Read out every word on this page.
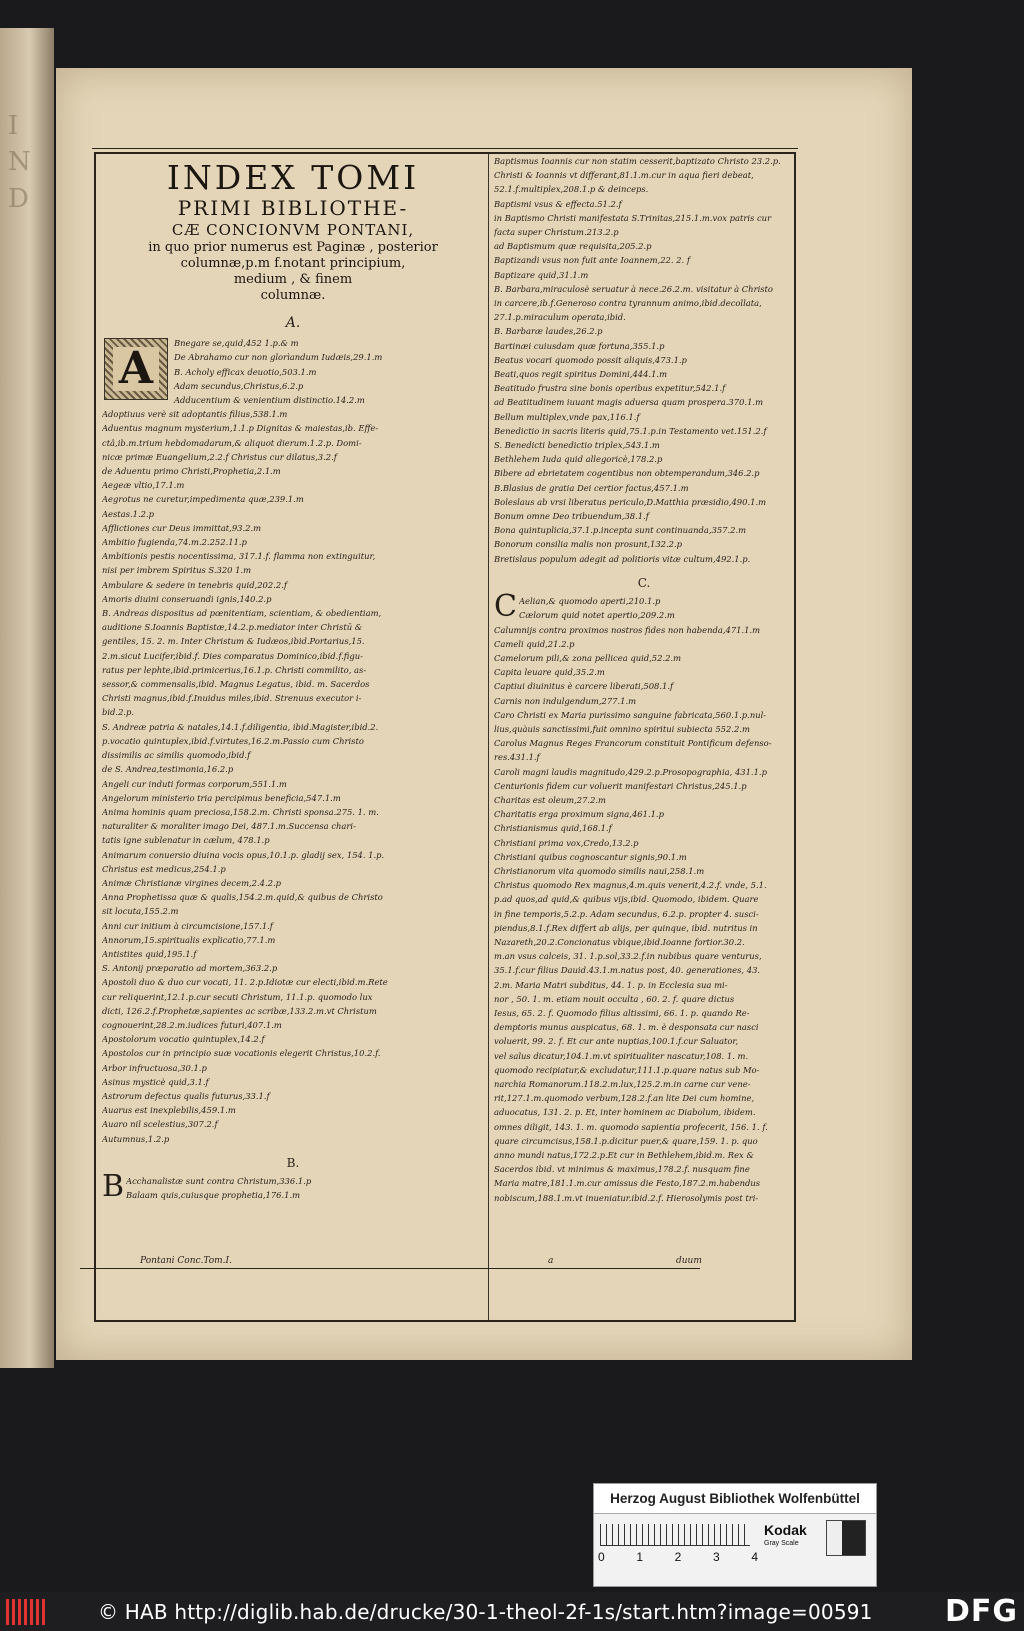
I
N
D
INDEX TOMI
PRIMI BIBLIOTHE-
CÆ CONCIONVM PONTANI,
in quo prior numerus est Paginæ , posterior
columnæ,p.m f.notant principium,
medium , & finem
columnæ.
A.
A	Bnegare se,quid,452 1.p.& m
De Abrahamo cur non glorìandum Iudæis,29.1.m
B. Acholy efficax deuotio,503.1.m
Adam secundus,Christus,6.2.p
Adducentium & venientium distinctio.14.2.m
Adoptiuus verè sit adoptantis filius,538.1.m
Aduentus magnum mysterium,1.1.p Dignitas & maiestas,ib. Effe-
ctâ,ib.m.trium hebdomadarum,& aliquot dierum.1.2.p. Domi-
nicæ primæ Euangelium,2.2.f Christus cur dilatus,3.2.f
de Aduentu primo Christi,Prophetia,2.1.m
Aegeæ vltio,17.1.m
Aegrotus ne curetur,impedimenta quæ,239.1.m
Aestas.1.2.p
Afflictiones cur Deus immittat,93.2.m
Ambitio fugienda,74.m.2.252.11.p
Ambitionis pestis nocentissima, 317.1.f. flamma non extinguitur,
nisi per imbrem Spiritus S.320 1.m
Ambulare & sedere in tenebris quid,202.2.f
Amoris diuini conseruandi ignis,140.2.p
B. Andreas dispositus ad pœnitentiam, scientiam, & obedientiam,
auditione S.Ioannis Baptistæ,14.2.p.mediator inter Christū &
gentiles, 15. 2. m. Inter Christum & Iudæos,ibid.Portarius,15.
2.m.sicut Lucifer,ibid.f. Dies comparatus Dominico,ibid.f.figu-
ratus per lephte,ibid.primicerius,16.1.p. Christi commilito, as-
sessor,& commensalis,ibid. Magnus Legatus, ibid. m. Sacerdos
Christi magnus,ibid.f.Inuidus miles,ibid. Strenuus executor i-
bid.2.p.
S. Andreæ patria & natales,14.1.f.diligentia, ibid.Magister,ibid.2.
p.vocatio quintuplex,ibid.f.virtutes,16.2.m.Passio cum Christo
dissimilis ac similis quomodo,ibid.f
de S. Andrea,testimonia,16.2.p
Angeli cur induti formas corporum,551.1.m
Angelorum ministerio tria percipimus beneficia,547.1.m
Anima hominis quam preciosa,158.2.m. Christi sponsa.275. 1. m.
naturaliter & moraliter imago Dei, 487.1.m.Succensa chari-
tatis igne sublenatur in cælum, 478.1.p
Animarum conuersio diuina vocis opus,10.1.p. gladij sex, 154. 1.p.
Christus est medicus,254.1.p
Animæ Christianæ virgines decem,2.4.2.p
Anna Prophetissa quæ & qualis,154.2.m.quid,& quibus de Christo
sit locuta,155.2.m
Anni cur initium à circumcisione,157.1.f
Annorum,15.spiritualis explicatio,77.1.m
Antistites quid,195.1.f
S. Antonij præparatio ad mortem,363.2.p
Apostoli duo & duo cur vocati, 11. 2.p.Idiotæ cur electi,ibid.m.Rete
cur reliquerint,12.1.p.cur secuti Christum, 11.1.p. quomodo lux
dicti, 126.2.f.Prophetæ,sapientes ac scribæ,133.2.m.vt Christum
cognouerint,28.2.m.iudices futuri,407.1.m
Apostolorum vocatio quintuplex,14.2.f
Apostolos cur in principio suæ vocationis elegerit Christus,10.2.f.
Arbor infructuosa,30.1.p
Asinus mysticè quid,3.1.f
Astrorum defectus qualis futurus,33.1.f
Auarus est inexplebilis,459.1.m
Auaro nil scelestius,307.2.f
Autumnus,1.2.p
B.
B Acchanalistæ sunt contra Christum,336.1.p
Balaam quis,cuiusque prophetia,176.1.m
Baptismus Ioannis cur non statim cesserit,baptizato Christo 23.2.p.
Christi & Ioannis vt differant,81.1.m.cur in aqua fieri debeat,
52.1.f.multiplex,208.1.p & deinceps.
Baptismi vsus & effecta.51.2.f
in Baptismo Christi manifestata S.Trinitas,215.1.m.vox patris cur
facta super Christum.213.2.p
ad Baptismum quæ requisita,205.2.p
Baptizandi vsus non fuit ante Ioannem,22. 2. f
Baptizare quid,31.1.m
B. Barbara,miraculosè seruatur à nece.26.2.m. visitatur à Christo
in carcere,ib.f.Generoso contra tyrannum animo,ibid.decollata,
27.1.p.miraculum operata,ibid.
B. Barbaræ laudes,26.2.p
Bartinæi cuiusdam quæ fortuna,355.1.p
Beatus vocari quomodo possit aliquis,473.1.p
Beati,quos regit spiritus Domini,444.1.m
Beatitudo frustra sine bonis operibus expetitur,542.1.f
ad Beatitudinem iuuant magis aduersa quam prospera.370.1.m
Bellum multiplex,vnde pax,116.1.f
Benedictio in sacris literis quid,75.1.p.in Testamento vet.151.2.f
S. Benedicti benedictio triplex,543.1.m
Bethlehem Iuda quid allegoricè,178.2.p
Bibere ad ebrietatem cogentibus non obtemperandum,346.2.p
B.Blasius de gratia Dei certior factus,457.1.m
Boleslaus ab vrsi liberatus periculo,D.Matthia præsidio,490.1.m
Bonum omne Deo tribuendum,38.1.f
Bona quintuplicia,37.1.p.incepta sunt continuanda,357.2.m
Bonorum consilia malis non prosunt,132.2.p
Bretislaus populum adegit ad politioris vitæ cultum,492.1.p.
C.
C Aelian,& quomodo aperti,210.1.p
Cælorum quid notet apertio,209.2.m
Calumnijs contra proximos nostros fides non habenda,471.1.m
Cameli quid,21.2.p
Camelorum pili,& zona pellicea quid,52.2.m
Capita leuare quid,35.2.m
Captiui diuinitus è carcere liberati,508.1.f
Carnis non indulgendum,277.1.m
Caro Christi ex Maria purissimo sanguine fabricata,560.1.p.nul-
lius,quàuis sanctissimi,fuit omnino spiritui subiecta 552.2.m
Carolus Magnus Reges Francorum constituit Pontificum defenso-
res.431.1.f
Caroli magni laudis magnitudo,429.2.p.Prosopographia, 431.1.p
Centurionis fidem cur voluerit manifestari Christus,245.1.p
Charitas est oleum,27.2.m
Charitatis erga proximum signa,461.1.p
Christianismus quid,168.1.f
Christiani prima vox,Credo,13.2.p
Christiani quibus cognoscantur signis,90.1.m
Christianorum vita quomodo similis naui,258.1.m
Christus quomodo Rex magnus,4.m.quis venerit,4.2.f. vnde, 5.1.
p.ad quos,ad quid,& quibus vijs,ibid. Quomodo, ibidem. Quare
in fine temporis,5.2.p. Adam secundus, 6.2.p. propter 4. susci-
piendus,8.1.f.Rex differt ab alijs, per quinque, ibid. nutritus in
Nazareth,20.2.Concionatus vbique,ibid.Ioanne fortior.30.2.
m.an vsus calceis, 31. 1.p.sol,33.2.f.in nubibus quare venturus,
35.1.f.cur filius Dauid.43.1.m.natus post, 40. generationes, 43.
2.m. Maria Matri subditus, 44. 1. p. in Ecclesia sua mi-
nor , 50. 1. m. etiam nouit occulta , 60. 2. f. quare dictus
Iesus, 65. 2. f. Quomodo filius altissimi, 66. 1. p. quando Re-
demptoris munus auspicatus, 68. 1. m. è desponsata cur nasci
voluerit, 99. 2. f. Et cur ante nuptias,100.1.f.cur Saluator,
vel salus dicatur,104.1.m.vt spiritualiter nascatur,108. 1. m.
quomodo recipiatur,& excludatur,111.1.p.quare natus sub Mo-
narchia Romanorum.118.2.m.lux,125.2.m.in carne cur vene-
rit,127.1.m.quomodo verbum,128.2.f.an lite Dei cum homine,
aduocatus, 131. 2. p. Et, inter hominem ac Diabolum, ibidem.
omnes diligit, 143. 1. m. quomodo sapientia profecerit, 156. 1. f.
quare circumcisus,158.1.p.dicitur puer,& quare,159. 1. p. quo
anno mundi natus,172.2.p.Et cur in Bethlehem,ibid.m. Rex &
Sacerdos ibid. vt minimus & maximus,178.2.f. nusquam fine
Maria matre,181.1.m.cur amissus die Festo,187.2.m.habendus
nobiscum,188.1.m.vt inueniatur.ibid.2.f. Hierosolymis post tri-
Pontani Conc.Tom.I.	a	duum
Herzog August Bibliothek Wolfenbüttel
0	1	2	3	4
Kodak
Gray Scale
© HAB http://diglib.hab.de/drucke/30-1-theol-2f-1s/start.htm?image=00591 DFG
